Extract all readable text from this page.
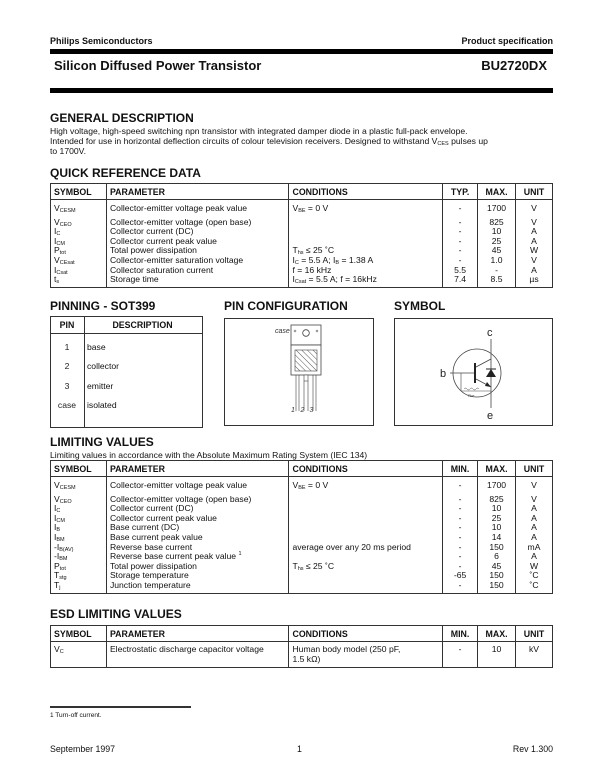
Philips Semiconductors	Product specification
Silicon Diffused Power Transistor	BU2720DX
GENERAL DESCRIPTION
High voltage, high-speed switching npn transistor with integrated damper diode in a plastic full-pack envelope.
Intended for use in horizontal deflection circuits of colour television receivers. Designed to withstand $V_{CES}$ pulses up
to 1700V.
QUICK REFERENCE DATA
SYMBOL	PARAMETER	CONDITIONS	TYP.	MAX.	UNIT
$V_{CESM}$	Collector-emitter voltage peak value	$V_{BE} = 0$ V	-	1700	V
$V_{CEO}$	Collector-emitter voltage (open base)		-	825	V
$I_C$	Collector current (DC)		-	10	A
$I_{CM}$	Collector current peak value		-	25	A
$P_{tot}$	Total power dissipation	$T_{hs} \le 25$ ˚C	-	45	W
$V_{CEsat}$	Collector-emitter saturation voltage	$I_C = 5.5$ A; $I_B = 1.38$ A	-	1.0	V
$I_{Csat}$	Collector saturation current	f = 16 kHz	5.5	-	A
$t_s$	Storage time	$I_{Csat} = 5.5$ A; f = 16kHz	7.4	8.5	µs
PINNING - SOT399
PIN	DESCRIPTION
1	base
2	collector
3	emitter
case	isolated
PIN CONFIGURATION
case
1 2 3
SYMBOL
c
b
e
Rbe
LIMITING VALUES
Limiting values in accordance with the Absolute Maximum Rating System (IEC 134)
SYMBOL	PARAMETER	CONDITIONS	MIN.	MAX.	UNIT
$V_{CESM}$	Collector-emitter voltage peak value	$V_{BE} = 0$ V	-	1700	V
$V_{CEO}$	Collector-emitter voltage (open base)		-	825	V
$I_C$	Collector current (DC)		-	10	A
$I_{CM}$	Collector current peak value		-	25	A
$I_B$	Base current (DC)		-	10	A
$I_{BM}$	Base current peak value		-	14	A
$-I_{B(AV)}$	Reverse base current	average over any 20 ms period	-	150	mA
$-I_{BM}$	Reverse base current peak value $^1$		-	6	A
$P_{tot}$	Total power dissipation	$T_{hs} \le 25$ ˚C	-	45	W
$T_{stg}$	Storage temperature		-65	150	˚C
$T_j$	Junction temperature		-	150	˚C
ESD LIMITING VALUES
SYMBOL	PARAMETER	CONDITIONS	MIN.	MAX.	UNIT
$V_C$	Electrostatic discharge capacitor voltage	Human body model (250 pF,
1.5 kΩ)	-	10	kV
1 Turn-off current.
September 1997	1	Rev 1.300
